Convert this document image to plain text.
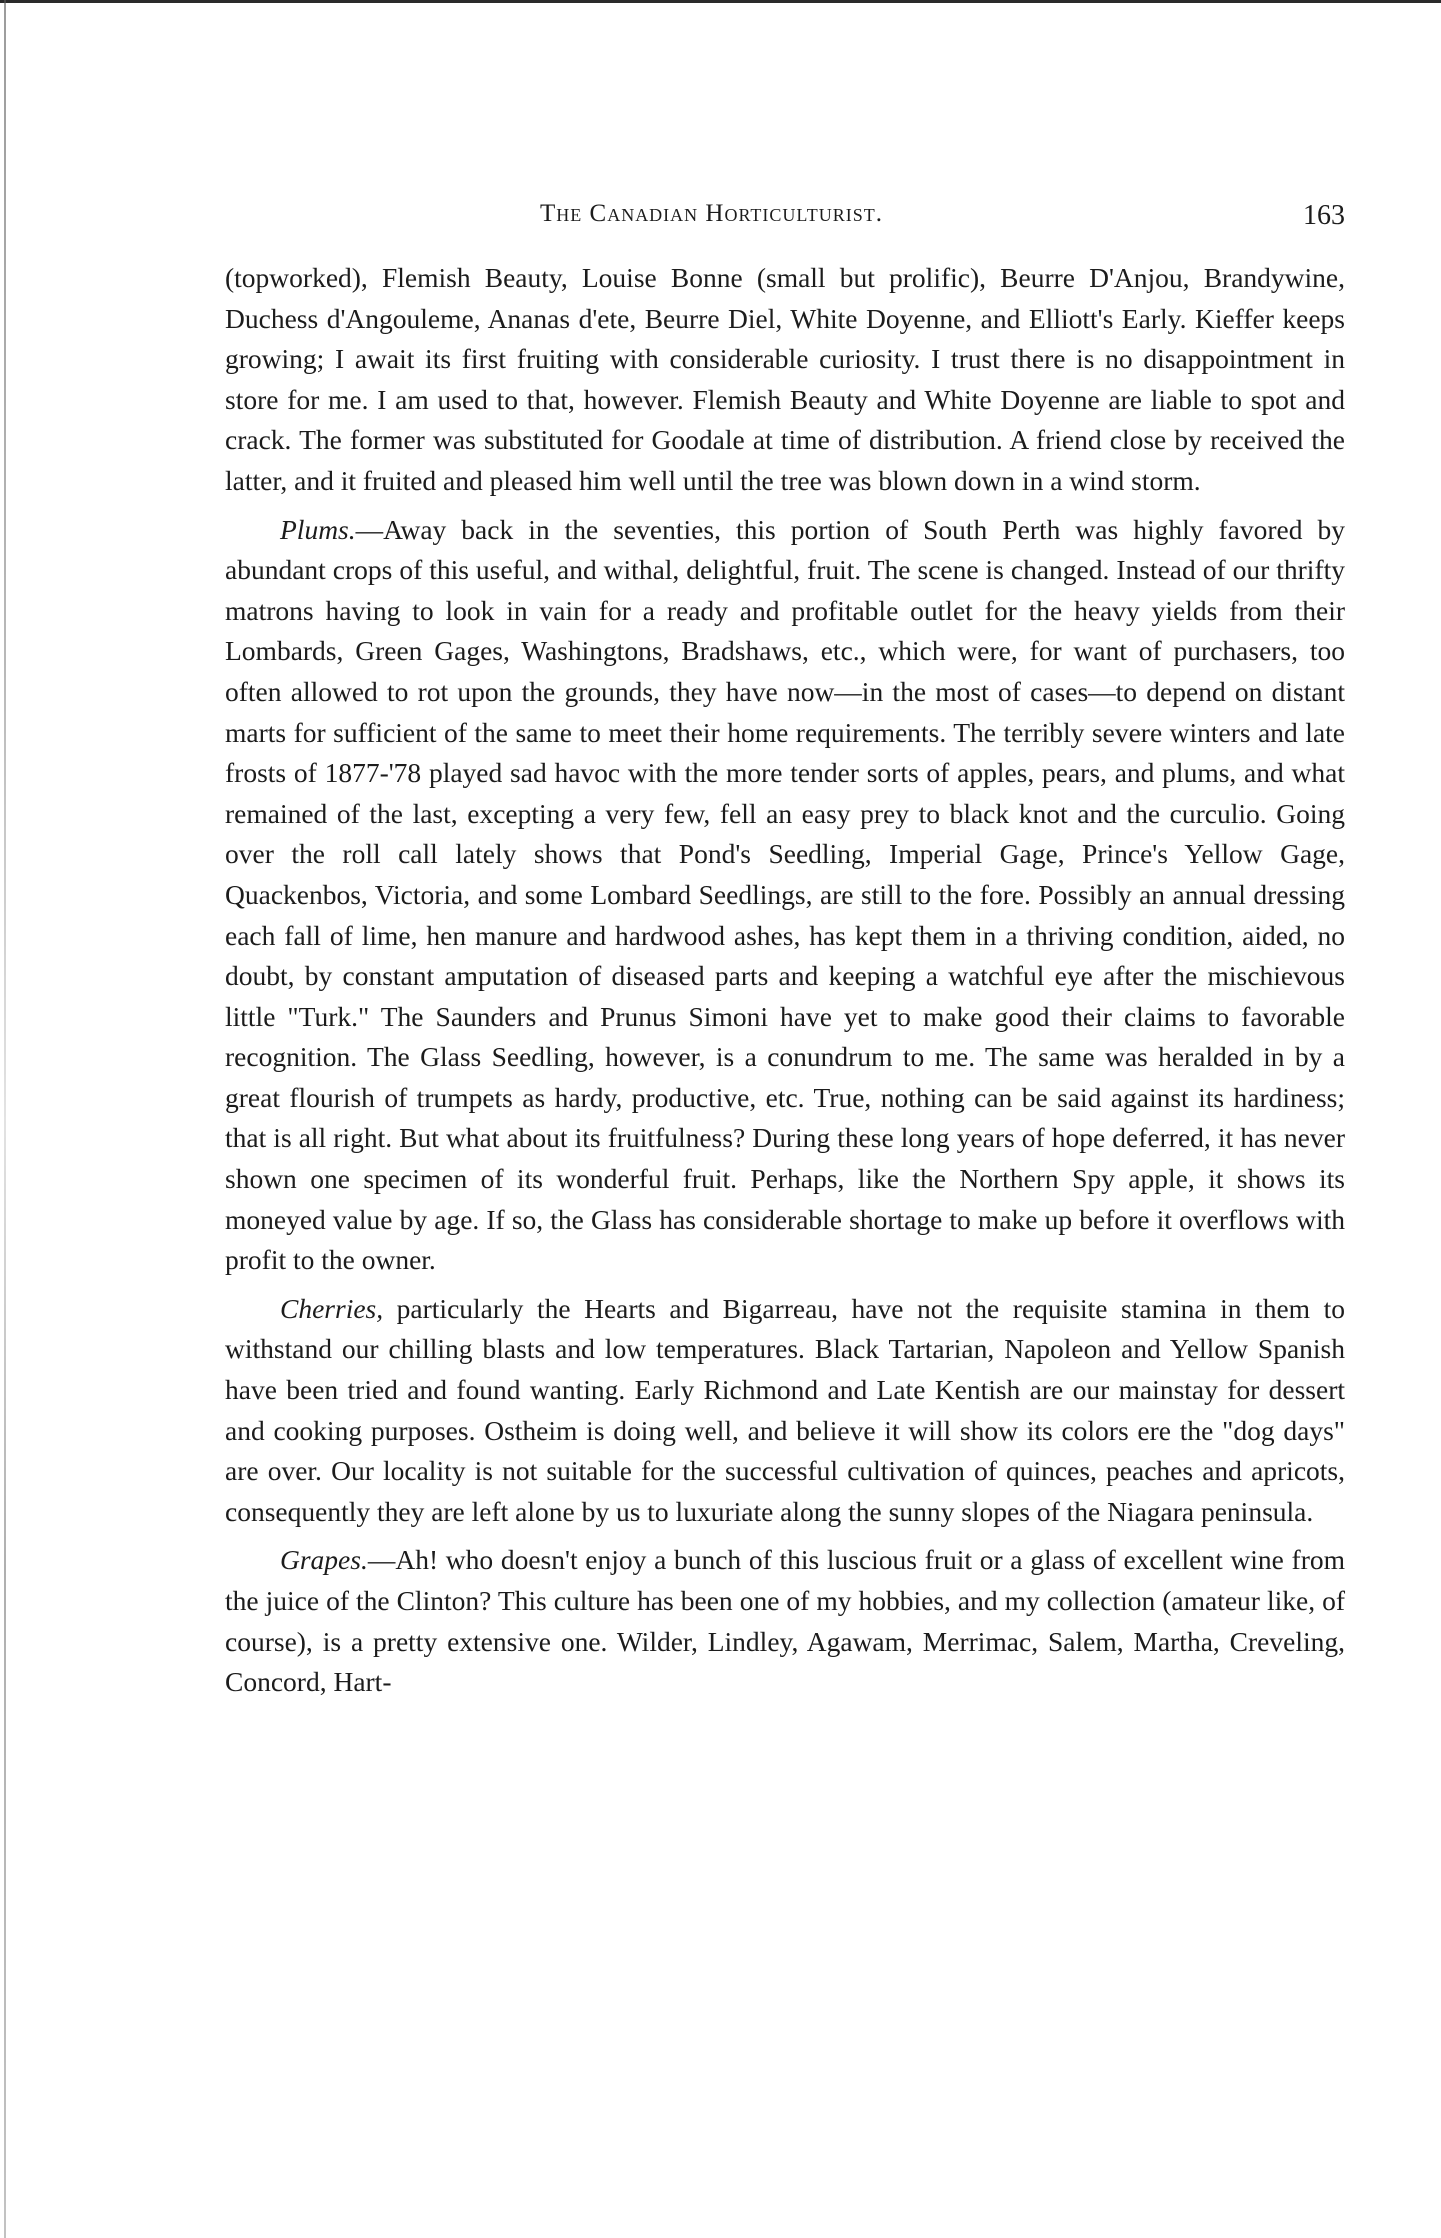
The Canadian Horticulturist.	163

(topworked), Flemish Beauty, Louise Bonne (small but prolific), Beurre D'Anjou, Brandywine, Duchess d'Angouleme, Ananas d'ete, Beurre Diel, White Doyenne, and Elliott's Early. Kieffer keeps growing; I await its first fruiting with considerable curiosity. I trust there is no disappointment in store for me. I am used to that, however. Flemish Beauty and White Doyenne are liable to spot and crack. The former was substituted for Goodale at time of distribution. A friend close by received the latter, and it fruited and pleased him well until the tree was blown down in a wind storm.

Plums.—Away back in the seventies, this portion of South Perth was highly favored by abundant crops of this useful, and withal, delightful, fruit. The scene is changed. Instead of our thrifty matrons having to look in vain for a ready and profitable outlet for the heavy yields from their Lombards, Green Gages, Washingtons, Bradshaws, etc., which were, for want of purchasers, too often allowed to rot upon the grounds, they have now—in the most of cases—to depend on distant marts for sufficient of the same to meet their home requirements. The terribly severe winters and late frosts of 1877-'78 played sad havoc with the more tender sorts of apples, pears, and plums, and what remained of the last, excepting a very few, fell an easy prey to black knot and the curculio. Going over the roll call lately shows that Pond's Seedling, Imperial Gage, Prince's Yellow Gage, Quackenbos, Victoria, and some Lombard Seedlings, are still to the fore. Possibly an annual dressing each fall of lime, hen manure and hardwood ashes, has kept them in a thriving condition, aided, no doubt, by constant amputation of diseased parts and keeping a watchful eye after the mischievous little "Turk." The Saunders and Prunus Simoni have yet to make good their claims to favorable recognition. The Glass Seedling, however, is a conundrum to me. The same was heralded in by a great flourish of trumpets as hardy, productive, etc. True, nothing can be said against its hardiness; that is all right. But what about its fruitfulness? During these long years of hope deferred, it has never shown one specimen of its wonderful fruit. Perhaps, like the Northern Spy apple, it shows its moneyed value by age. If so, the Glass has considerable shortage to make up before it overflows with profit to the owner.

Cherries, particularly the Hearts and Bigarreau, have not the requisite stamina in them to withstand our chilling blasts and low temperatures. Black Tartarian, Napoleon and Yellow Spanish have been tried and found wanting. Early Richmond and Late Kentish are our mainstay for dessert and cooking purposes. Ostheim is doing well, and believe it will show its colors ere the "dog days" are over. Our locality is not suitable for the successful cultivation of quinces, peaches and apricots, consequently they are left alone by us to luxuriate along the sunny slopes of the Niagara peninsula.

Grapes.—Ah! who doesn't enjoy a bunch of this luscious fruit or a glass of excellent wine from the juice of the Clinton? This culture has been one of my hobbies, and my collection (amateur like, of course), is a pretty extensive one. Wilder, Lindley, Agawam, Merrimac, Salem, Martha, Creveling, Concord, Hart-
